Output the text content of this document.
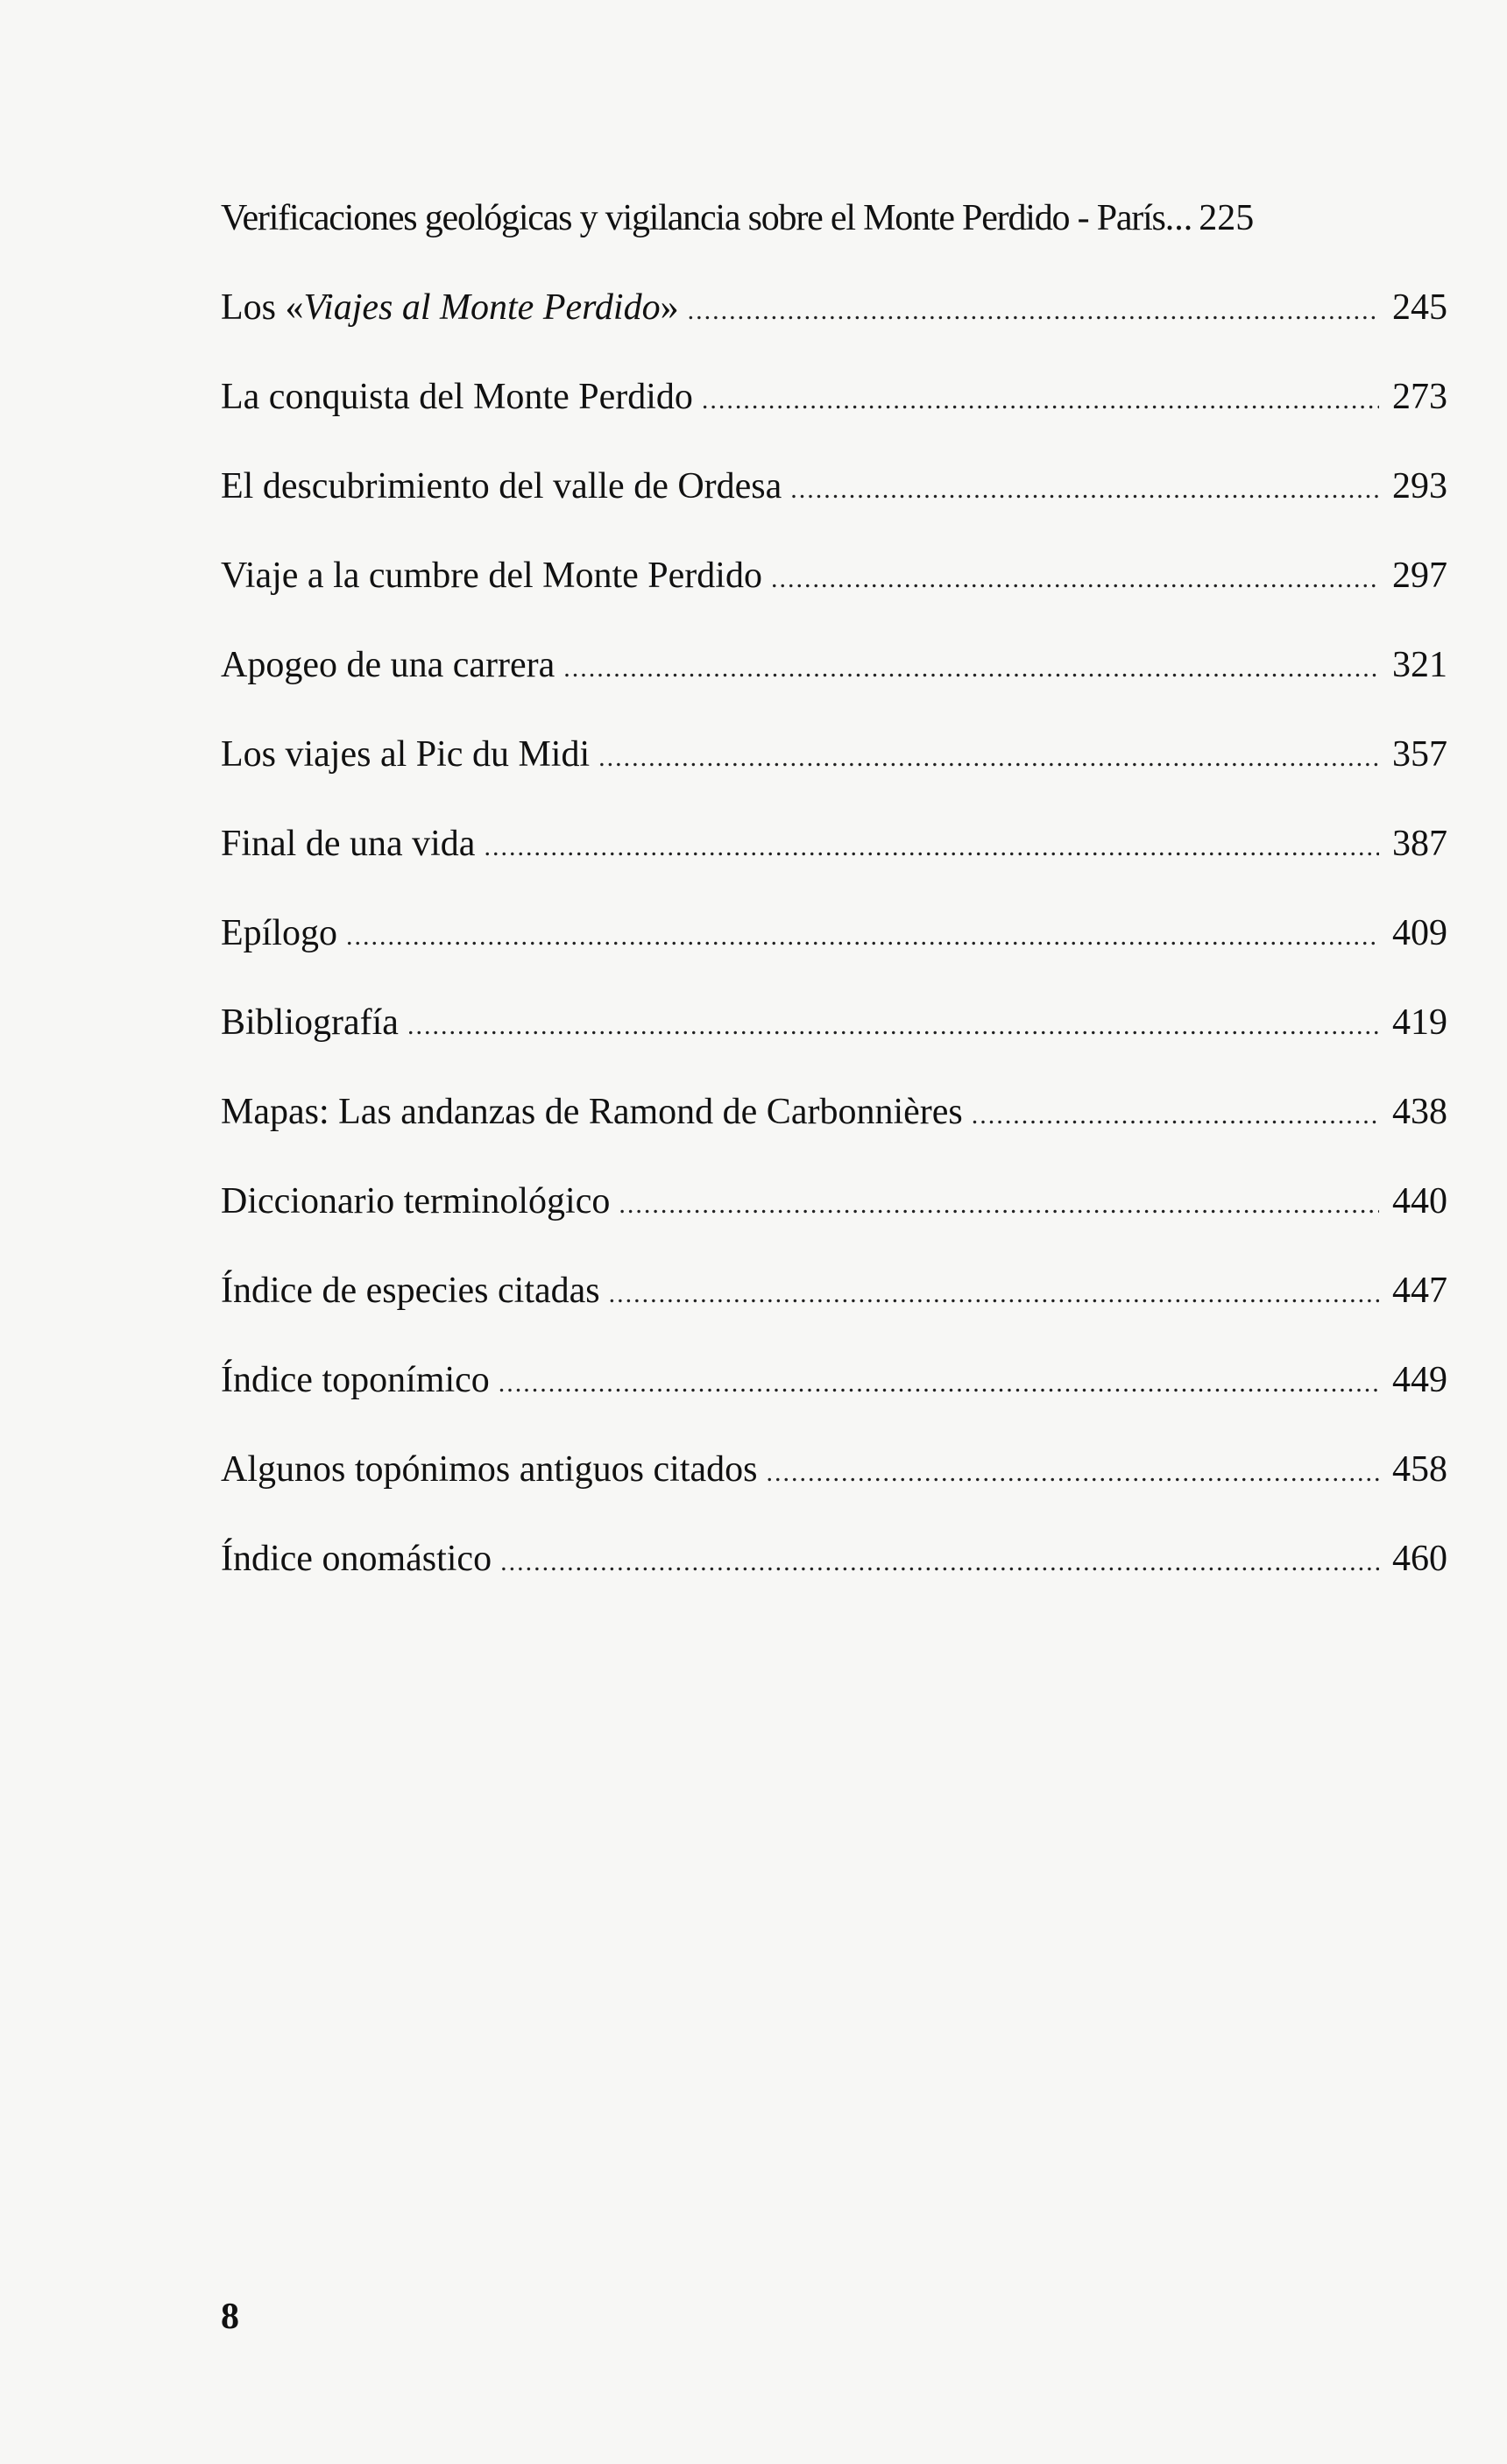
Verificaciones geológicas y vigilancia sobre el Monte Perdido - París ... 225
Los «Viajes al Monte Perdido» .....	245
La conquista del Monte Perdido .....	273
El descubrimiento del valle de Ordesa .....	293
Viaje a la cumbre del Monte Perdido .....	297
Apogeo de una carrera .....	321
Los viajes al Pic du Midi .....	357
Final de una vida .....	387
Epílogo .....	409
Bibliografía .....	419
Mapas: Las andanzas de Ramond de Carbonnières .....	438
Diccionario terminológico .....	440
Índice de especies citadas .....	447
Índice toponímico .....	449
Algunos topónimos antiguos citados .....	458
Índice onomástico .....	460
8
